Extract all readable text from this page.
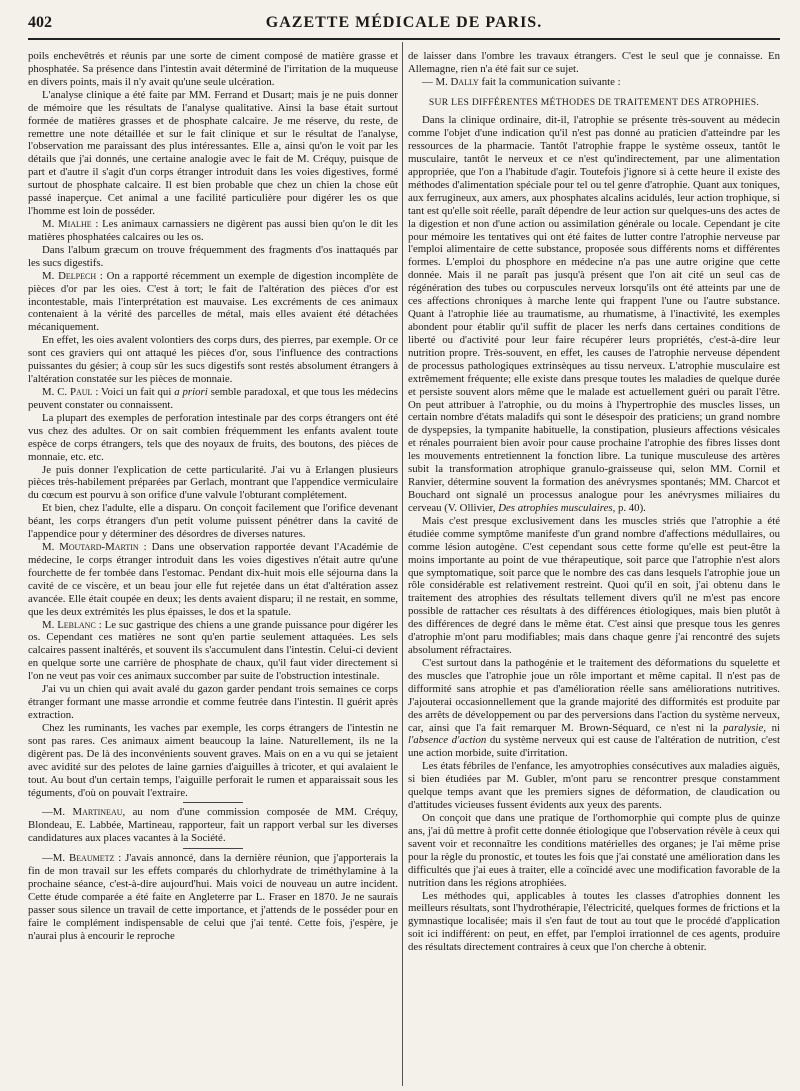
402	GAZETTE MÉDICALE DE PARIS.

poils enchevêtrés et réunis par une sorte de ciment composé de matière grasse et phosphatée. Sa présence dans l'intestin avait déterminé de l'irritation de la muqueuse en divers points, mais il n'y avait qu'une seule ulcération.

L'analyse clinique a été faite par MM. Ferrand et Dusart; mais je ne puis donner de mémoire que les résultats de l'analyse qualitative. Ainsi la base était surtout formée de matières grasses et de phosphate calcaire. Je me réserve, du reste, de remettre une note détaillée et sur le fait clinique et sur le résultat de l'analyse, l'observation me paraissant des plus intéressantes. Elle a, ainsi qu'on le voit par les détails que j'ai donnés, une certaine analogie avec le fait de M. Créquy, puisque de part et d'autre il s'agit d'un corps étranger introduit dans les voies digestives, formé surtout de phosphate calcaire. Il est bien probable que chez un chien la chose eût passé inaperçue. Cet animal a une facilité particulière pour digérer les os que l'homme est loin de posséder.

M. Mialhe : Les animaux carnassiers ne digèrent pas aussi bien qu'on le dit les matières phosphatées calcaires ou les os.

Dans l'album græcum on trouve fréquemment des fragments d'os inattaqués par les sucs digestifs.

M. Delpech : On a rapporté récemment un exemple de digestion incomplète de pièces d'or par les oies. C'est à tort; le fait de l'altération des pièces d'or est incontestable, mais l'interprétation est mauvaise. Les excréments de ces animaux contenaient à la vérité des parcelles de métal, mais elles avaient été détachées mécaniquement.

En effet, les oies avalent volontiers des corps durs, des pierres, par exemple. Or ce sont ces graviers qui ont attaqué les pièces d'or, sous l'influence des contractions puissantes du gésier; à coup sûr les sucs digestifs sont restés absolument étrangers à l'altération constatée sur les pièces de monnaie.

M. C. Paul : Voici un fait qui a priori semble paradoxal, et que tous les médecins peuvent constater ou connaissent.

La plupart des exemples de perforation intestinale par des corps étrangers ont été vus chez des adultes. Or on sait combien fréquemment les enfants avalent toute espèce de corps étrangers, tels que des noyaux de fruits, des boutons, des pièces de monnaie, etc. etc.

Je puis donner l'explication de cette particularité. J'ai vu à Erlangen plusieurs pièces très-habilement préparées par Gerlach, montrant que l'appendice vermiculaire du cœcum est pourvu à son orifice d'une valvule l'obturant complétement.

Et bien, chez l'adulte, elle a disparu. On conçoit facilement que l'orifice devenant béant, les corps étrangers d'un petit volume puissent pénétrer dans la cavité de l'appendice pour y déterminer des désordres de diverses natures.

M. Moutard-Martin : Dans une observation rapportée devant l'Académie de médecine, le corps étranger introduit dans les voies digestives n'était autre qu'une fourchette de fer tombée dans l'estomac. Pendant dix-huit mois elle séjourna dans la cavité de ce viscère, et un beau jour elle fut rejetée dans un état d'altération assez avancée. Elle était coupée en deux; les dents avaient disparu; il ne restait, en somme, que les deux extrémités les plus épaisses, le dos et la spatule.

M. Leblanc : Le suc gastrique des chiens a une grande puissance pour digérer les os. Cependant ces matières ne sont qu'en partie seulement attaquées. Les sels calcaires passent inaltérés, et souvent ils s'accumulent dans l'intestin. Celui-ci devient en quelque sorte une carrière de phosphate de chaux, qu'il faut vider directement si l'on ne veut pas voir ces animaux succomber par suite de l'obstruction intestinale.

J'ai vu un chien qui avait avalé du gazon garder pendant trois semaines ce corps étranger formant une masse arrondie et comme feutrée dans l'intestin. Il guérit après extraction.

Chez les ruminants, les vaches par exemple, les corps étrangers de l'intestin ne sont pas rares. Ces animaux aiment beaucoup la laine. Naturellement, ils ne la digèrent pas. De là des inconvénients souvent graves. Mais on en a vu qui se jetaient avec avidité sur des pelotes de laine garnies d'aiguilles à tricoter, et qui avalaient le tout. Au bout d'un certain temps, l'aiguille perforait le rumen et apparaissait sous les téguments, d'où on pouvait l'extraire.

—M. Martineau, au nom d'une commission composée de MM. Créquy, Blondeau, E. Labbée, Martineau, rapporteur, fait un rapport verbal sur les diverses candidatures aux places vacantes à la Société.

—M. Beaumetz : J'avais annoncé, dans la dernière réunion, que j'apporterais la fin de mon travail sur les effets comparés du chlorhydrate de triméthylamine à la prochaine séance, c'est-à-dire aujourd'hui. Mais voici de nouveau un autre incident. Cette étude comparée a été faite en Angleterre par L. Fraser en 1870. Je ne saurais passer sous silence un travail de cette importance, et j'attends de le posséder pour en faire le complément indispensable de celui que j'ai tenté. Cette fois, j'espère, je n'aurai plus à encourir le reproche

de laisser dans l'ombre les travaux étrangers. C'est le seul que je connaisse. En Allemagne, rien n'a été fait sur ce sujet.

— M. Dally fait la communication suivante :

SUR LES DIFFÉRENTES MÉTHODES DE TRAITEMENT DES ATROPHIES.

Dans la clinique ordinaire, dit-il, l'atrophie se présente très-souvent au médecin comme l'objet d'une indication qu'il n'est pas donné au praticien d'atteindre par les ressources de la pharmacie. Tantôt l'atrophie frappe le système osseux, tantôt le musculaire, tantôt le nerveux et ce n'est qu'indirectement, par une alimentation appropriée, que l'on a l'habitude d'agir. Toutefois j'ignore si à cette heure il existe des méthodes d'alimentation spéciale pour tel ou tel genre d'atrophie. Quant aux toniques, aux ferrugineux, aux amers, aux phosphates alcalins acidulés, leur action trophique, si tant est qu'elle soit réelle, paraît dépendre de leur action sur quelques-uns des actes de la digestion et non d'une action ou assimilation générale ou locale. Cependant je cite pour mémoire les tentatives qui ont été faites de lutter contre l'atrophie nerveuse par l'emploi alimentaire de cette substance, proposée sous différents noms et différentes formes. L'emploi du phosphore en médecine n'a pas une autre origine que cette donnée. Mais il ne paraît pas jusqu'à présent que l'on ait cité un seul cas de régénération des tubes ou corpuscules nerveux lorsqu'ils ont été atteints par une de ces affections chroniques à marche lente qui frappent l'une ou l'autre substance. Quant à l'atrophie liée au traumatisme, au rhumatisme, à l'inactivité, les exemples abondent pour établir qu'il suffit de placer les nerfs dans certaines conditions de liberté ou d'activité pour leur faire récupérer leurs propriétés, c'est-à-dire leur nutrition propre. Très-souvent, en effet, les causes de l'atrophie nerveuse dépendent de processus pathologiques extrinsèques au tissu nerveux. L'atrophie musculaire est extrêmement fréquente; elle existe dans presque toutes les maladies de quelque durée et persiste souvent alors même que le malade est actuellement guéri ou paraît l'être. On peut attribuer à l'atrophie, ou du moins à l'hypertrophie des muscles lisses, un certain nombre d'états maladifs qui sont le désespoir des praticiens; un grand nombre de dyspepsies, la tympanite habituelle, la constipation, plusieurs affections vésicales et rénales pourraient bien avoir pour cause prochaine l'atrophie des fibres lisses dont les mouvements entretiennent la fonction libre. La tunique musculeuse des artères subit la transformation atrophique granulo-graisseuse qui, selon MM. Cornil et Ranvier, détermine souvent la formation des anévrysmes spontanés; MM. Charcot et Bouchard ont signalé un processus analogue pour les anévrysmes miliaires du cerveau (V. Ollivier, Des atrophies musculaires, p. 40).

Mais c'est presque exclusivement dans les muscles striés que l'atrophie a été étudiée comme symptôme manifeste d'un grand nombre d'affections médullaires, ou comme lésion autogène. C'est cependant sous cette forme qu'elle est peut-être la moins importante au point de vue thérapeutique, soit parce que l'atrophie n'est alors que symptomatique, soit parce que le nombre des cas dans lesquels l'atrophie joue un rôle considérable est relativement restreint. Quoi qu'il en soit, j'ai obtenu dans le traitement des atrophies des résultats tellement divers qu'il ne m'est pas encore possible de rattacher ces résultats à des différences étiologiques, mais bien plutôt à des différences de degré dans le même état. C'est ainsi que presque tous les genres d'atrophie m'ont paru modifiables; mais dans chaque genre j'ai rencontré des sujets absolument réfractaires.

C'est surtout dans la pathogénie et le traitement des déformations du squelette et des muscles que l'atrophie joue un rôle important et même capital. Il n'est pas de difformité sans atrophie et pas d'amélioration réelle sans améliorations nutritives. J'ajouterai occasionnellement que la grande majorité des difformités est produite par des arrêts de développement ou par des perversions dans l'action du système nerveux, car, ainsi que l'a fait remarquer M. Brown-Séquard, ce n'est ni la paralysie, ni l'absence d'action du système nerveux qui est cause de l'altération de nutrition, c'est une action morbide, suite d'irritation.

Les états fébriles de l'enfance, les amyotrophies consécutives aux maladies aiguës, si bien étudiées par M. Gubler, m'ont paru se rencontrer presque constamment quelque temps avant que les premiers signes de déformation, de claudication ou d'attitudes vicieuses fussent évidents aux yeux des parents.

On conçoit que dans une pratique de l'orthomorphie qui compte plus de quinze ans, j'ai dû mettre à profit cette donnée étiologique que l'observation révèle à ceux qui savent voir et reconnaître les conditions matérielles des organes; je l'ai même prise pour la règle du pronostic, et toutes les fois que j'ai constaté une amélioration dans les difficultés que j'ai eues à traiter, elle a coïncidé avec une modification favorable de la nutrition dans les régions atrophiées.

Les méthodes qui, applicables à toutes les classes d'atrophies donnent les meilleurs résultats, sont l'hydrothérapie, l'électricité, quelques formes de frictions et la gymnastique localisée; mais il s'en faut de tout au tout que le procédé d'application soit ici indifférent: on peut, en effet, par l'emploi irrationnel de ces agents, produire des résultats directement contraires à ceux que l'on cherche à obtenir.
